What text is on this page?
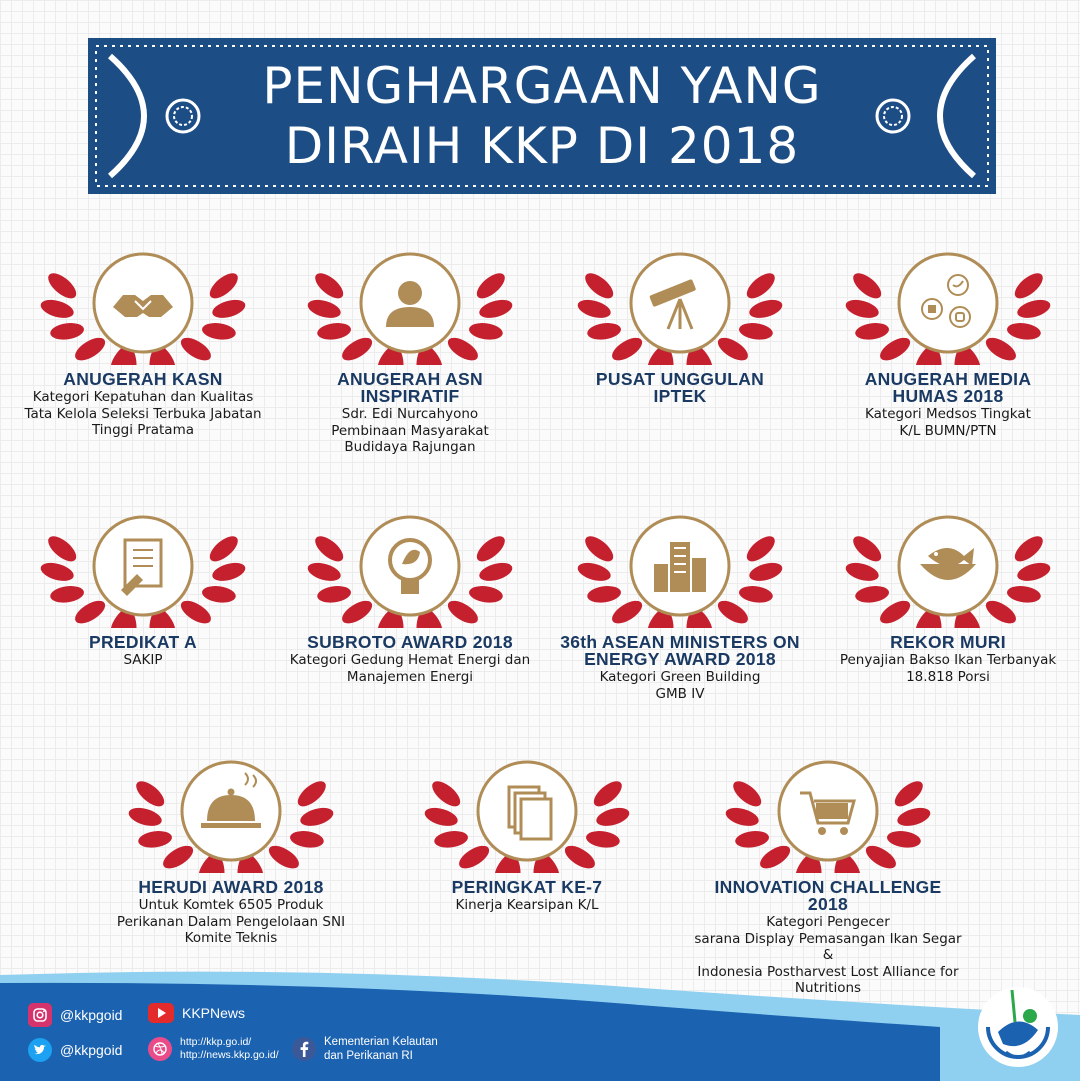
PENGHARGAAN YANG
DIRAIH KKP DI 2018
ANUGERAH KASN
Kategori Kepatuhan dan Kualitas
Tata Kelola Seleksi Terbuka Jabatan
Tinggi Pratama
ANUGERAH ASN
INSPIRATIF
Sdr. Edi Nurcahyono
Pembinaan Masyarakat
Budidaya Rajungan
PUSAT UNGGULAN
IPTEK
ANUGERAH MEDIA
HUMAS 2018
Kategori Medsos Tingkat
K/L BUMN/PTN
PREDIKAT A
SAKIP
SUBROTO AWARD 2018
Kategori Gedung Hemat Energi dan
Manajemen Energi
36th ASEAN MINISTERS ON
ENERGY AWARD 2018
Kategori Green Building
GMB IV
REKOR MURI
Penyajian Bakso Ikan Terbanyak
18.818 Porsi
HERUDI AWARD 2018
Untuk Komtek 6505 Produk
Perikanan Dalam Pengelolaan SNI
Komite Teknis
PERINGKAT KE-7
Kinerja Kearsipan K/L
INNOVATION CHALLENGE
2018
Kategori Pengecer
sarana Display Pemasangan Ikan Segar &
Indonesia Postharvest Lost Alliance for
Nutritions
@kkpgoid	KKPNews
@kkpgoid	http://kkp.go.id/
http://news.kkp.go.id/
Kementerian Kelautan
dan Perikanan RI
